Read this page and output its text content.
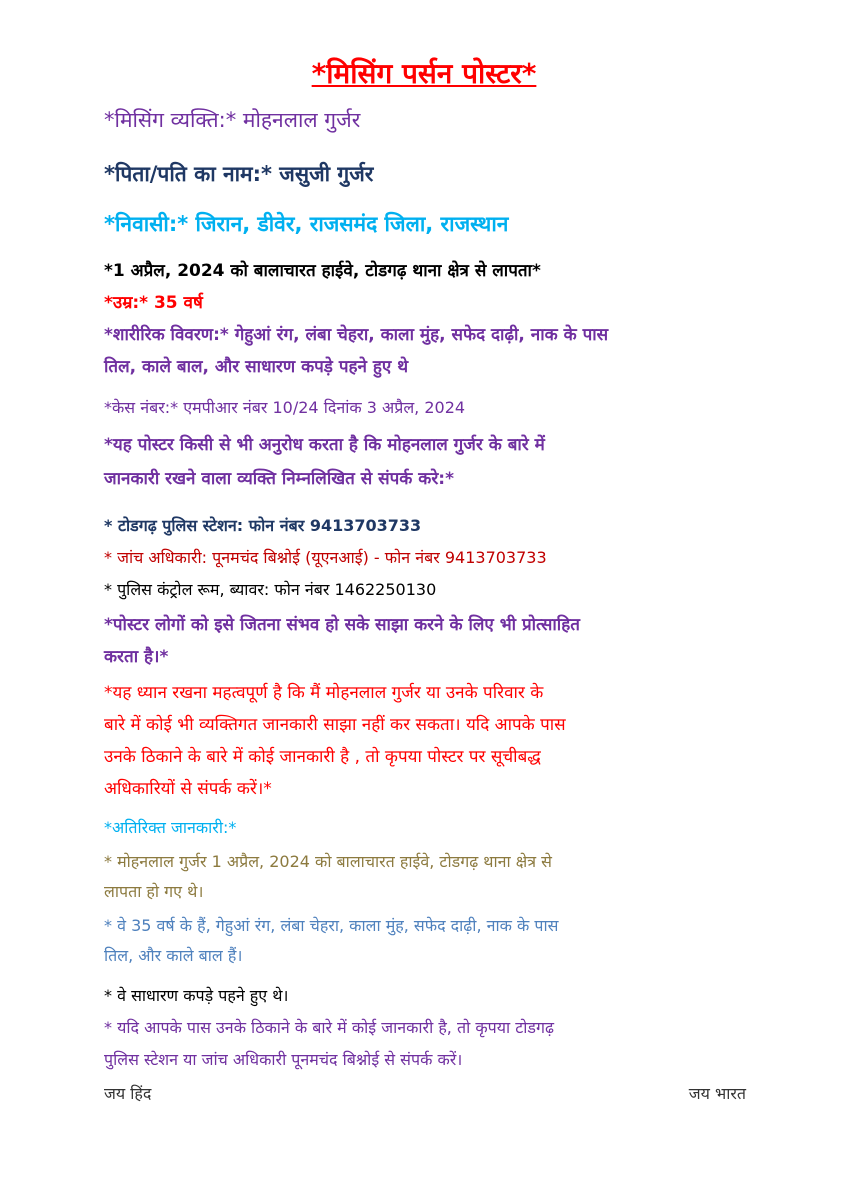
*मिसिंग पर्सन पोस्टर*
*मिसिंग व्यक्ति:* मोहनलाल गुर्जर
*पिता/पति का नाम:* जसुजी गुर्जर
*निवासी:* जिरान, डीवेर, राजसमंद जिला, राजस्थान
*1 अप्रैल, 2024 को बालाचारत हाईवे, टोडगढ़ थाना क्षेत्र से लापता*
*उम्र:* 35 वर्ष
*शारीरिक विवरण:* गेहुआं रंग, लंबा चेहरा, काला मुंह, सफेद दाढ़ी, नाक के पास
तिल, काले बाल, और साधारण कपड़े पहने हुए थे
*केस नंबर:* एमपीआर नंबर 10/24 दिनांक 3 अप्रैल, 2024
*यह पोस्टर किसी से भी अनुरोध करता है कि मोहनलाल गुर्जर के बारे में
जानकारी रखने वाला व्यक्ति निम्नलिखित से संपर्क करे:*
* टोडगढ़ पुलिस स्टेशन: फोन नंबर 9413703733
* जांच अधिकारी: पूनमचंद बिश्नोई (यूएनआई) - फोन नंबर 9413703733
* पुलिस कंट्रोल रूम, ब्यावर: फोन नंबर 1462250130
*पोस्टर लोगों को इसे जितना संभव हो सके साझा करने के लिए भी प्रोत्साहित
करता है।*
*यह ध्यान रखना महत्वपूर्ण है कि मैं मोहनलाल गुर्जर या उनके परिवार के
बारे में कोई भी व्यक्तिगत जानकारी साझा नहीं कर सकता। यदि आपके पास
उनके ठिकाने के बारे में कोई जानकारी है , तो कृपया पोस्टर पर सूचीबद्ध
अधिकारियों से संपर्क करें।*
*अतिरिक्त जानकारी:*
* मोहनलाल गुर्जर 1 अप्रैल, 2024 को बालाचारत हाईवे, टोडगढ़ थाना क्षेत्र से
लापता हो गए थे।
* वे 35 वर्ष के हैं, गेहुआं रंग, लंबा चेहरा, काला मुंह, सफेद दाढ़ी, नाक के पास
तिल, और काले बाल हैं।
* वे साधारण कपड़े पहने हुए थे।
* यदि आपके पास उनके ठिकाने के बारे में कोई जानकारी है, तो कृपया टोडगढ़
पुलिस स्टेशन या जांच अधिकारी पूनमचंद बिश्नोई से संपर्क करें।
जय हिंद	जय भारत
